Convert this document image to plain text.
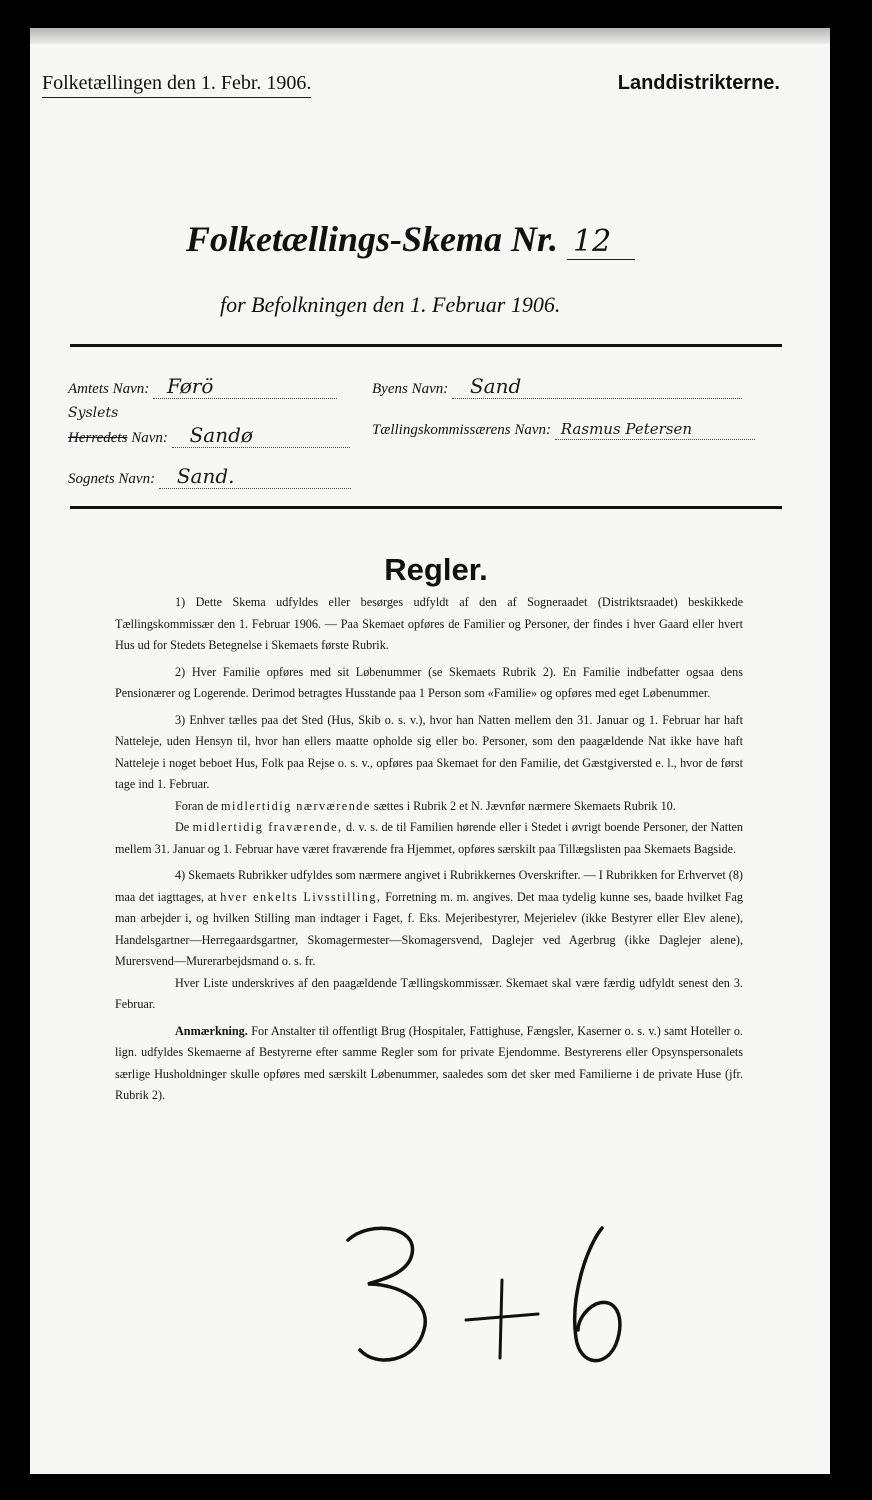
Folketællingen den 1. Febr. 1906.	Landdistrikterne.
Folketællings-Skema Nr. 12
for Befolkningen den 1. Februar 1906.
Amtets Navn: Førö
Syslets
Herredets Navn: Sandø
Sognets Navn: Sand.
Byens Navn: Sand
Tællingskommissærens Navn: Rasmus Petersen
Regler.

1) Dette Skema udfyldes eller besørges udfyldt af den af Sogneraadet (Distriktsraadet) beskikkede Tællingskommissær den 1. Februar 1906. — Paa Skemaet opføres de Familier og Personer, der findes i hver Gaard eller hvert Hus ud for Stedets Betegnelse i Skemaets første Rubrik.

2) Hver Familie opføres med sit Løbenummer (se Skemaets Rubrik 2). En Familie indbefatter ogsaa dens Pensionærer og Logerende. Derimod betragtes Husstande paa 1 Person som «Familie» og opføres med eget Løbenummer.

3) Enhver tælles paa det Sted (Hus, Skib o. s. v.), hvor han Natten mellem den 31. Januar og 1. Februar har haft Natteleje, uden Hensyn til, hvor han ellers maatte opholde sig eller bo. Personer, som den paagældende Nat ikke have haft Natteleje i noget beboet Hus, Folk paa Rejse o. s. v., opføres paa Skemaet for den Familie, det Gæstgiversted e. l., hvor de først tage ind 1. Februar.

Foran de midlertidig nærværende sættes i Rubrik 2 et N. Jævnfør nærmere Skemaets Rubrik 10.

De midlertidig fraværende, d. v. s. de til Familien hørende eller i Stedet i øvrigt boende Personer, der Natten mellem 31. Januar og 1. Februar have været fraværende fra Hjemmet, opføres særskilt paa Tillægslisten paa Skemaets Bagside.

4) Skemaets Rubrikker udfyldes som nærmere angivet i Rubrikkernes Overskrifter. — I Rubrikken for Erhvervet (8) maa det iagttages, at hver enkelts Livsstilling, Forretning m. m. angives. Det maa tydelig kunne ses, baade hvilket Fag man arbejder i, og hvilken Stilling man indtager i Faget, f. Eks. Mejeribestyrer, Mejerielev (ikke Bestyrer eller Elev alene), Handelsgartner—Herregaardsgartner, Skomagermester—Skomagersvend, Daglejer ved Agerbrug (ikke Daglejer alene), Murersvend—Murerarbejdsmand o. s. fr.

Hver Liste underskrives af den paagældende Tællingskommissær. Skemaet skal være færdig udfyldt senest den 3. Februar.

Anmærkning. For Anstalter til offentligt Brug (Hospitaler, Fattighuse, Fængsler, Kaserner o. s. v.) samt Hoteller o. lign. udfyldes Skemaerne af Bestyrerne efter samme Regler som for private Ejendomme. Bestyrerens eller Opsynspersonalets særlige Husholdninger skulle opføres med særskilt Løbenummer, saaledes som det sker med Familierne i de private Huse (jfr. Rubrik 2).
